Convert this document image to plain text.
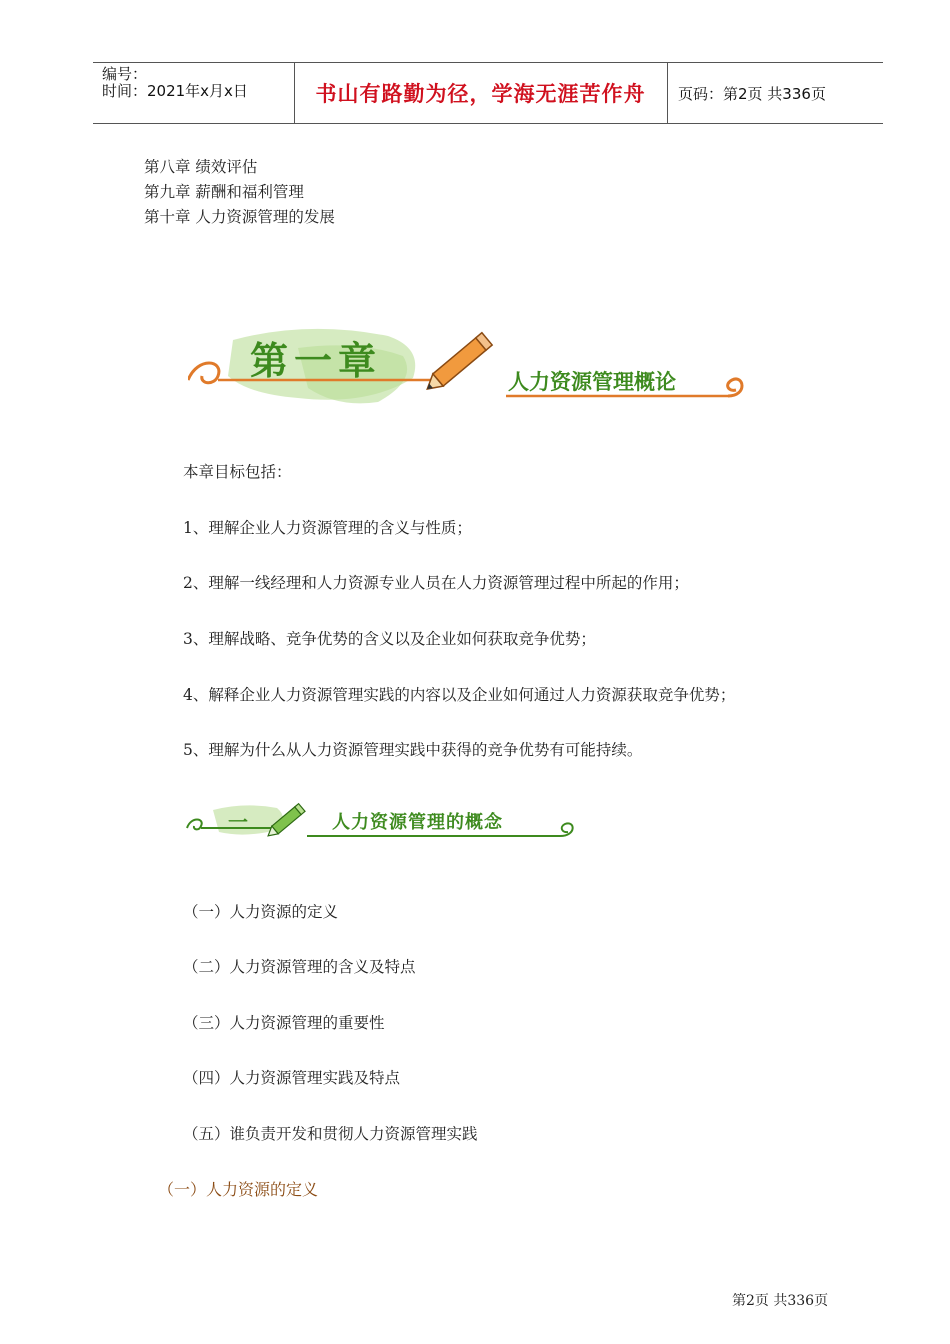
编号：
时间：2021年x月x日	书山有路勤为径，学海无涯苦作舟	页码：第2页 共336页
第八章 绩效评估
第九章 薪酬和福利管理
第十章 人力资源管理的发展
第一章	人力资源管理概论
本章目标包括：
1、理解企业人力资源管理的含义与性质；
2、理解一线经理和人力资源专业人员在人力资源管理过程中所起的作用；
3、理解战略、竞争优势的含义以及企业如何获取竞争优势；
4、解释企业人力资源管理实践的内容以及企业如何通过人力资源获取竞争优势；
5、理解为什么从人力资源管理实践中获得的竞争优势有可能持续。
一	人力资源管理的概念
（一）人力资源的定义
（二）人力资源管理的含义及特点
（三）人力资源管理的重要性
（四）人力资源管理实践及特点
（五）谁负责开发和贯彻人力资源管理实践
（一）人力资源的定义
第2页 共336页
